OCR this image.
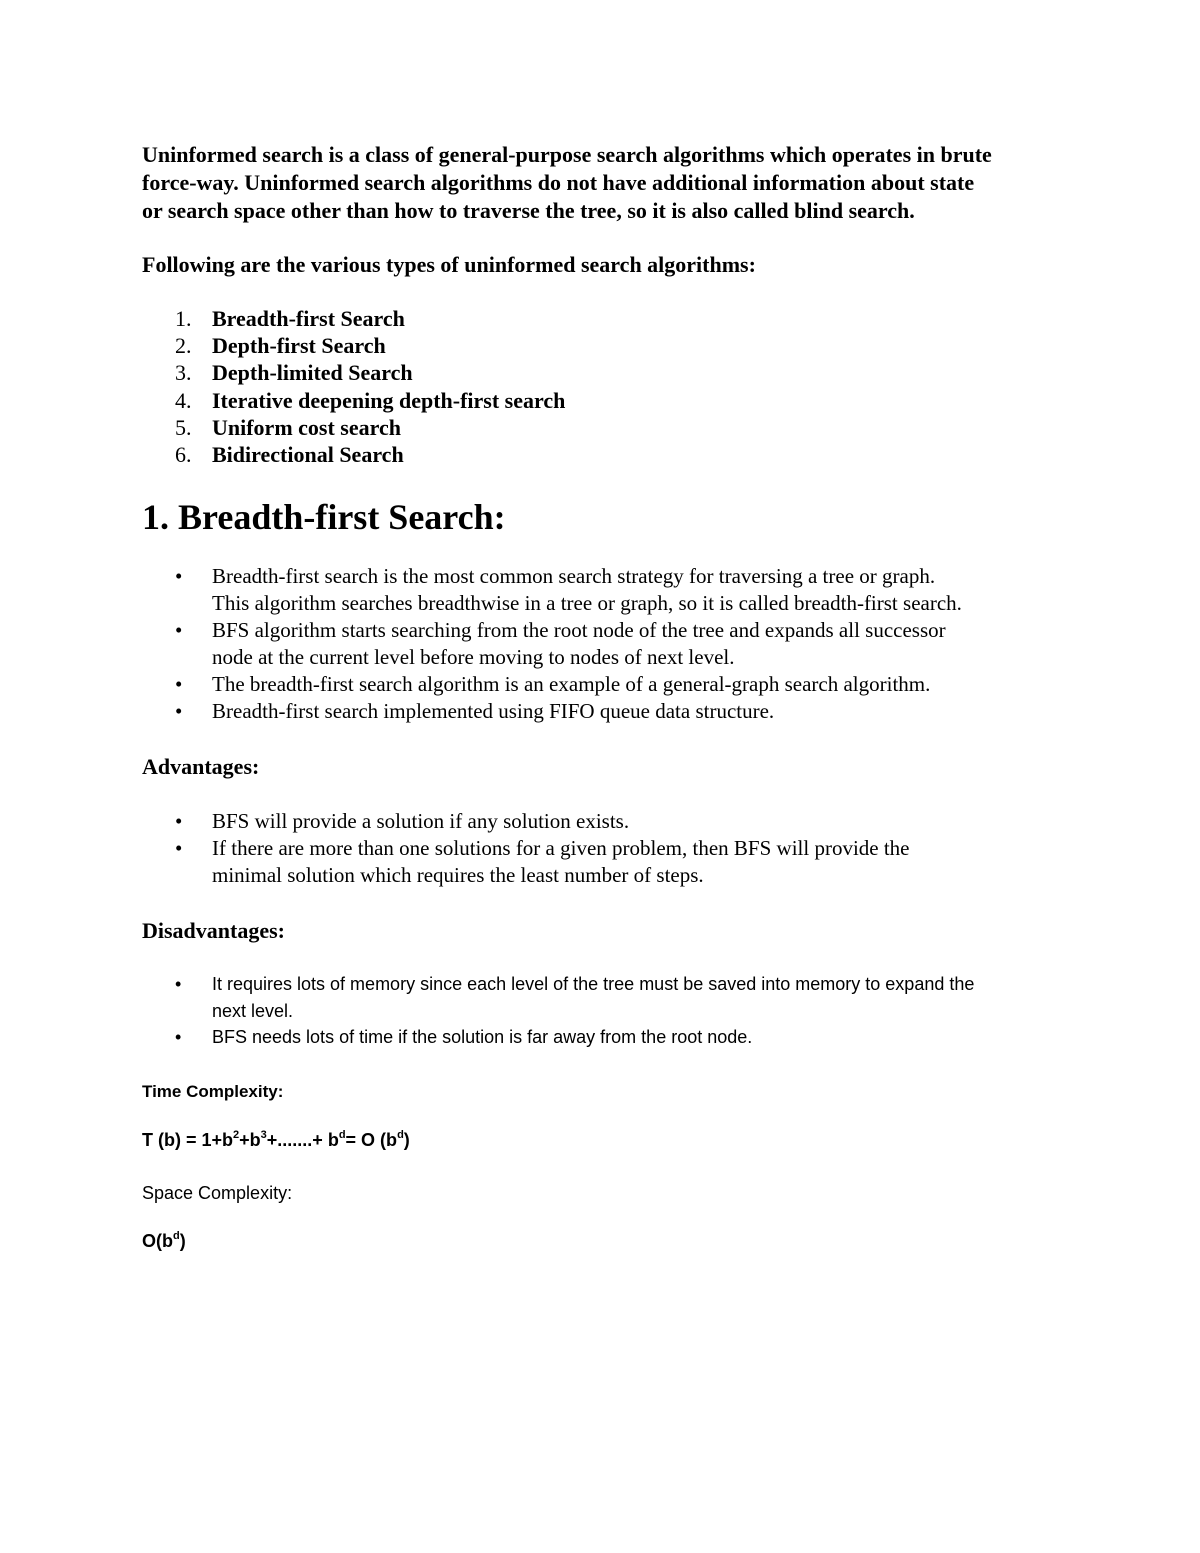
Uninformed search is a class of general-purpose search algorithms which operates in brute
force-way. Uninformed search algorithms do not have additional information about state
or search space other than how to traverse the tree, so it is also called blind search.

Following are the various types of uninformed search algorithms:

1. Breadth-first Search
2. Depth-first Search
3. Depth-limited Search
4. Iterative deepening depth-first search
5. Uniform cost search
6. Bidirectional Search
1. Breadth-first Search:
• Breadth-first search is the most common search strategy for traversing a tree or graph.
This algorithm searches breadthwise in a tree or graph, so it is called breadth-first search.
• BFS algorithm starts searching from the root node of the tree and expands all successor
node at the current level before moving to nodes of next level.
• The breadth-first search algorithm is an example of a general-graph search algorithm.
• Breadth-first search implemented using FIFO queue data structure.

Advantages:

• BFS will provide a solution if any solution exists.
• If there are more than one solutions for a given problem, then BFS will provide the
minimal solution which requires the least number of steps.

Disadvantages:

• It requires lots of memory since each level of the tree must be saved into memory to expand the
next level.
• BFS needs lots of time if the solution is far away from the root node.

Time Complexity:

T $(b) = 1+b^2+b^3+.......+ b^d= O$ $(b^d)$

Space Complexity:

$O(b^d)$
